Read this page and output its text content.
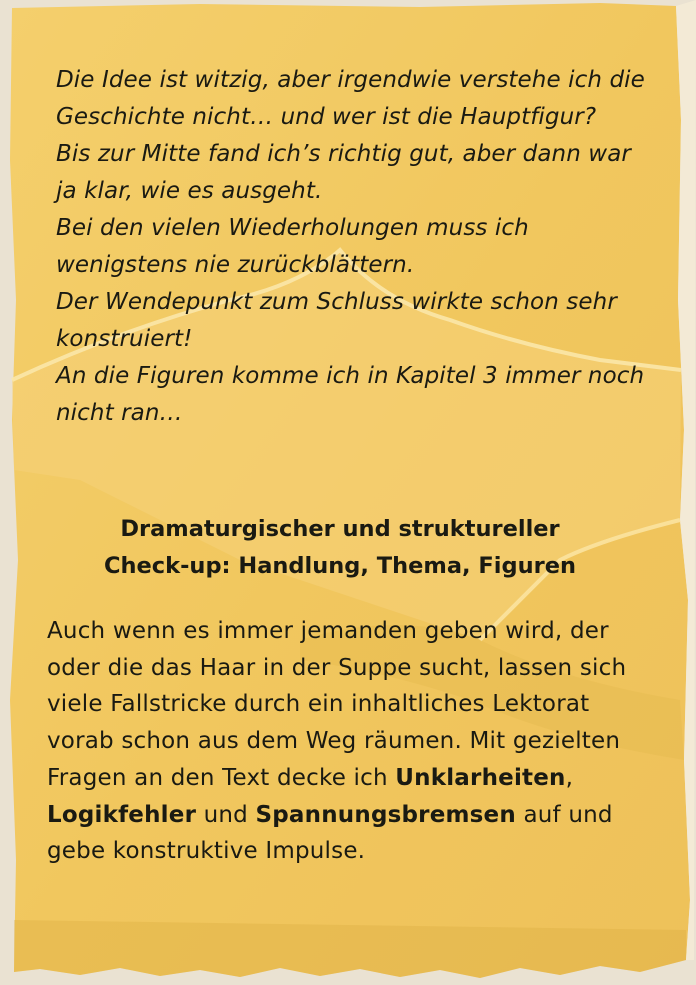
Die Idee ist witzig, aber irgendwie verstehe ich die Geschichte nicht… und wer ist die Hauptfigur?
Bis zur Mitte fand ich’s richtig gut, aber dann war ja klar, wie es ausgeht.
Bei den vielen Wiederholungen muss ich wenigstens nie zurückblättern.
Der Wendepunkt zum Schluss wirkte schon sehr konstruiert!
An die Figuren komme ich in Kapitel 3 immer noch nicht ran…
Dramaturgischer und struktureller
Check-up: Handlung, Thema, Figuren
Auch wenn es immer jemanden geben wird, der oder die das Haar in der Suppe sucht, lassen sich viele Fallstricke durch ein inhaltliches Lektorat vorab schon aus dem Weg räumen. Mit gezielten Fragen an den Text decke ich Unklarheiten, Logikfehler und Spannungsbremsen auf und gebe konstruktive Impulse.
